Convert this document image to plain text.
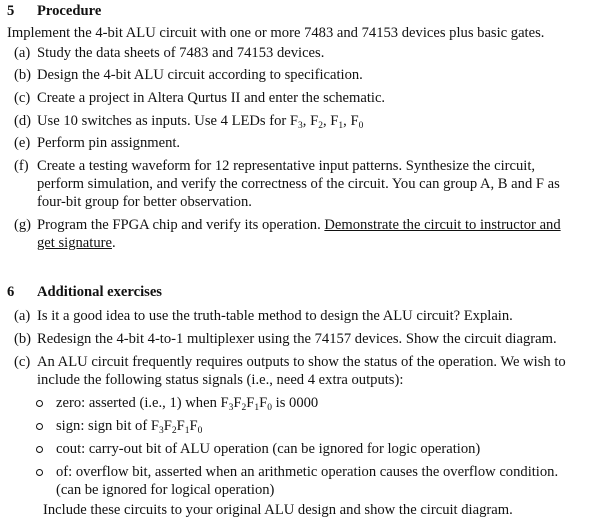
5 Procedure
Implement the 4-bit ALU circuit with one or more 7483 and 74153 devices plus basic gates.
(a) Study the data sheets of 7483 and 74153 devices.
(b) Design the 4-bit ALU circuit according to specification.
(c) Create a project in Altera Qurtus II and enter the schematic.
(d) Use 10 switches as inputs. Use 4 LEDs for $F_3$, $F_2$, $F_1$, $F_0$
(e) Perform pin assignment.
(f) Create a testing waveform for 12 representative input patterns. Synthesize the circuit,
perform simulation, and verify the correctness of the circuit. You can group A, B and F as
four-bit group for better observation.
(g) Program the FPGA chip and verify its operation. Demonstrate the circuit to instructor and
get signature.
6 Additional exercises
(a) Is it a good idea to use the truth-table method to design the ALU circuit? Explain.
(b) Redesign the 4-bit 4-to-1 multiplexer using the 74157 devices. Show the circuit diagram.
(c) An ALU circuit frequently requires outputs to show the status of the operation. We wish to
include the following status signals (i.e., need 4 extra outputs):
zero: asserted (i.e., 1) when $F_3F_2F_1F_0$ is 0000
sign: sign bit of $F_3F_2F_1F_0$
cout: carry-out bit of ALU operation (can be ignored for logic operation)
of: overflow bit, asserted when an arithmetic operation causes the overflow condition.
(can be ignored for logical operation)
Include these circuits to your original ALU design and show the circuit diagram.
